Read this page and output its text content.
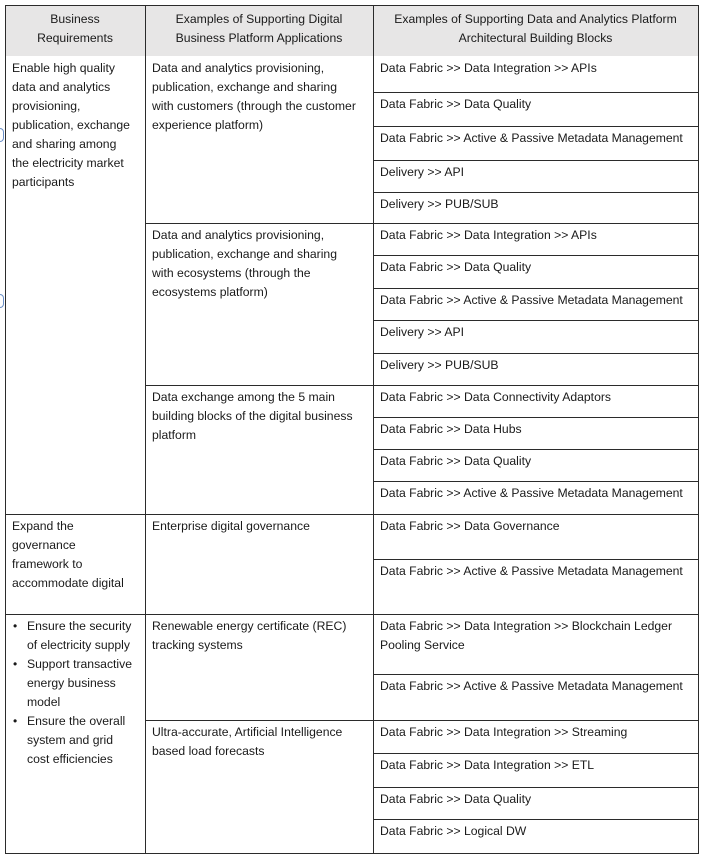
Business
Requirements
Examples of Supporting Digital
Business Platform Applications
Examples of Supporting Data and Analytics Platform
Architectural Building Blocks
Enable high quality
data and analytics
provisioning,
publication, exchange
and sharing among
the electricity market
participants
Expand the
governance
framework to
accommodate digital
• Ensure the security
of electricity supply
• Support transactive
energy business
model
• Ensure the overall
system and grid
cost efficiencies
Data and analytics provisioning,
publication, exchange and sharing
with customers (through the customer
experience platform)
Data and analytics provisioning,
publication, exchange and sharing
with ecosystems (through the
ecosystems platform)
Data exchange among the 5 main
building blocks of the digital business
platform
Enterprise digital governance
Renewable energy certificate (REC)
tracking systems
Ultra-accurate, Artificial Intelligence
based load forecasts
Data Fabric >> Data Integration >> APIs
Data Fabric >> Data Quality
Data Fabric >> Active & Passive Metadata Management
Delivery >> API
Delivery >> PUB/SUB
Data Fabric >> Data Integration >> APIs
Data Fabric >> Data Quality
Data Fabric >> Active & Passive Metadata Management
Delivery >> API
Delivery >> PUB/SUB
Data Fabric >> Data Connectivity Adaptors
Data Fabric >> Data Hubs
Data Fabric >> Data Quality
Data Fabric >> Active & Passive Metadata Management
Data Fabric >> Data Governance
Data Fabric >> Active & Passive Metadata Management
Data Fabric >> Data Integration >> Blockchain Ledger
Pooling Service
Data Fabric >> Active & Passive Metadata Management
Data Fabric >> Data Integration >> Streaming
Data Fabric >> Data Integration >> ETL
Data Fabric >> Data Quality
Data Fabric >> Logical DW
